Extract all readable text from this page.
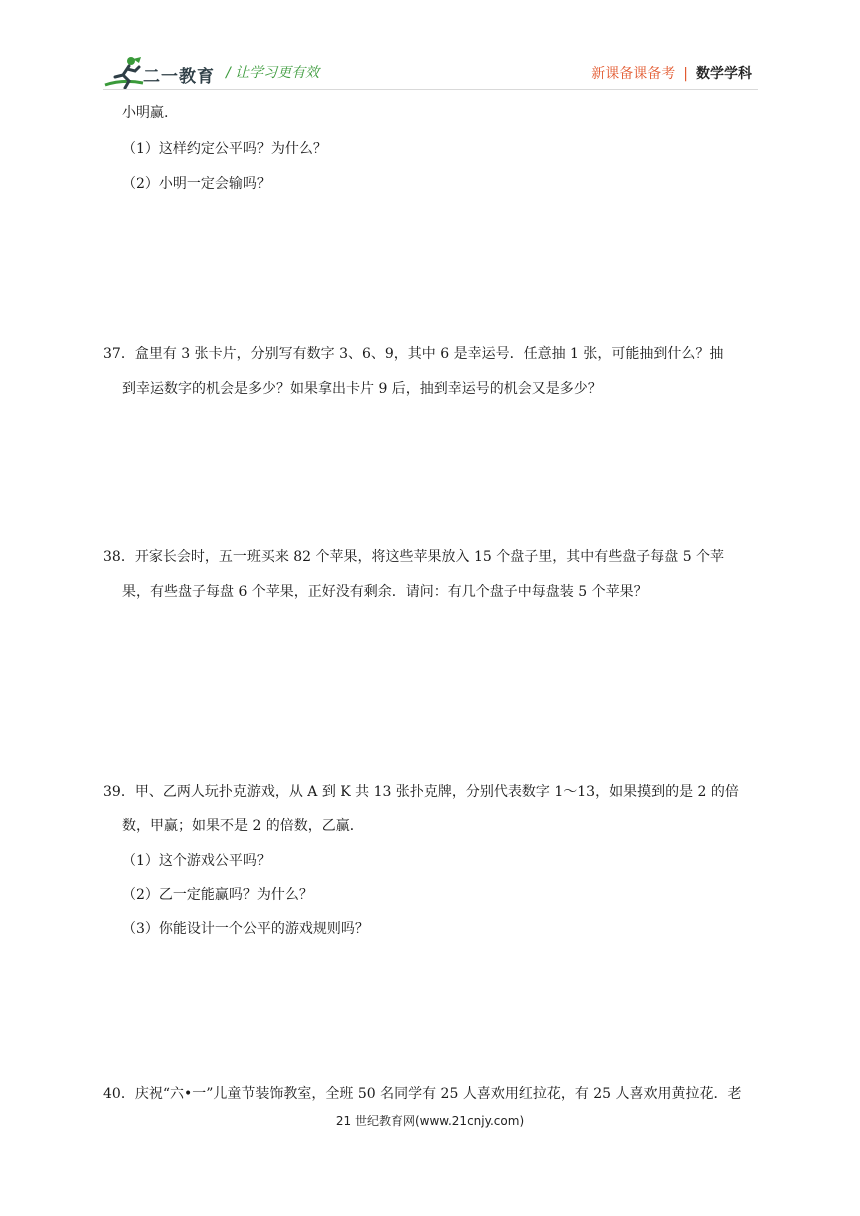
二一教育 / 让学习更有效	新课备课备考 | 数学学科
小明赢.
（1）这样约定公平吗？为什么？
（2）小明一定会输吗？
37．盒里有 3 张卡片，分别写有数字 3、6、9，其中 6 是幸运号．任意抽 1 张，可能抽到什么？抽
到幸运数字的机会是多少？如果拿出卡片 9 后，抽到幸运号的机会又是多少？
38．开家长会时，五一班买来 82 个苹果，将这些苹果放入 15 个盘子里，其中有些盘子每盘 5 个苹
果，有些盘子每盘 6 个苹果，正好没有剩余．请问：有几个盘子中每盘装 5 个苹果？
39．甲、乙两人玩扑克游戏，从 A 到 K 共 13 张扑克牌，分别代表数字 1～13，如果摸到的是 2 的倍
数，甲赢；如果不是 2 的倍数，乙赢．
（1）这个游戏公平吗？
（2）乙一定能赢吗？为什么？
（3）你能设计一个公平的游戏规则吗？
40．庆祝“六•一”儿童节装饰教室，全班 50 名同学有 25 人喜欢用红拉花，有 25 人喜欢用黄拉花．老
21 世纪教育网(www.21cnjy.com)
